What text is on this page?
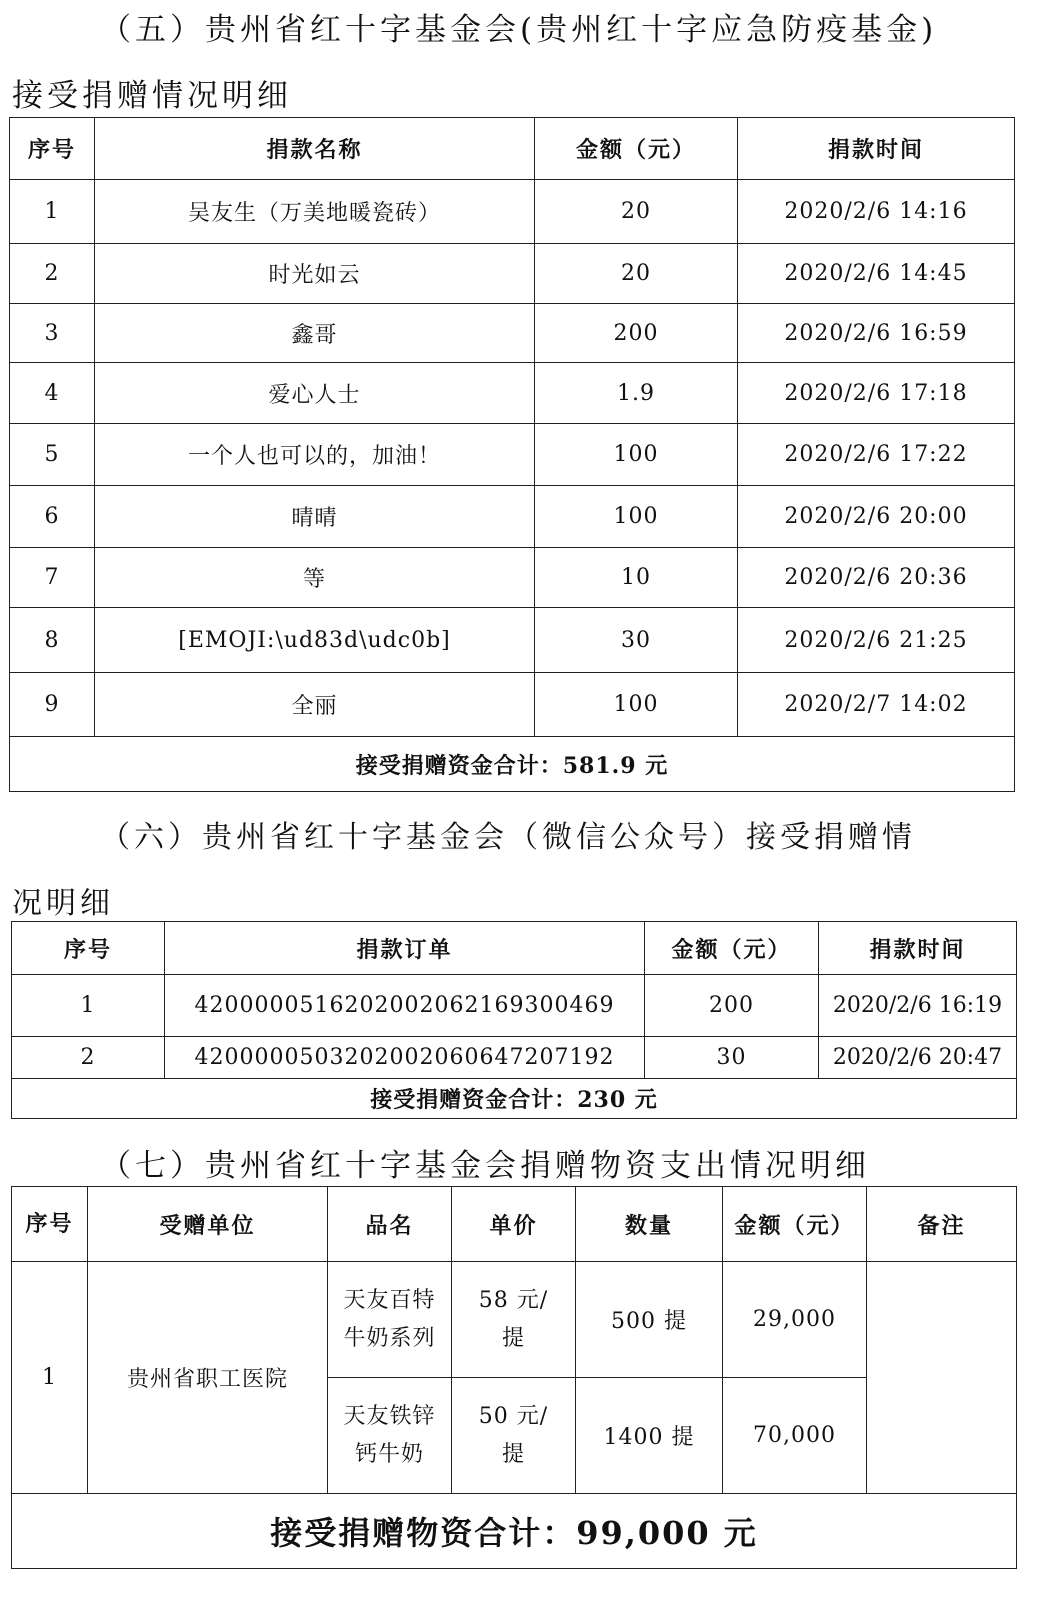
（五）贵州省红十字基金会(贵州红十字应急防疫基金)
接受捐赠情况明细
序号	捐款名称	金额（元）	捐款时间
1	吴友生（万美地暖瓷砖）	20	2020/2/6 14:16
2	时光如云	20	2020/2/6 14:45
3	鑫哥	200	2020/2/6 16:59
4	爱心人士	1.9	2020/2/6 17:18
5	一个人也可以的，加油！	100	2020/2/6 17:22
6	晴晴	100	2020/2/6 20:00
7	等	10	2020/2/6 20:36
8	[EMOJI:\ud83d\udc0b]	30	2020/2/6 21:25
9	全丽	100	2020/2/7 14:02
接受捐赠资金合计：581.9 元			
（六）贵州省红十字基金会（微信公众号）接受捐赠情
况明细
序号	捐款订单	金额（元）	捐款时间
1	4200000516202002062169300469	200	2020/2/6 16:19
2	4200000503202002060647207192	30	2020/2/6 20:47
接受捐赠资金合计：230 元			
（七）贵州省红十字基金会捐赠物资支出情况明细
序号	受赠单位	品名	单价	数量	金额（元）	备注
1	贵州省职工医院	天友百特牛奶系列	58 元/提	500 提	29,000	
		天友铁锌钙牛奶	50 元/提	1400 提	70,000	
接受捐赠物资合计：99,000 元						
